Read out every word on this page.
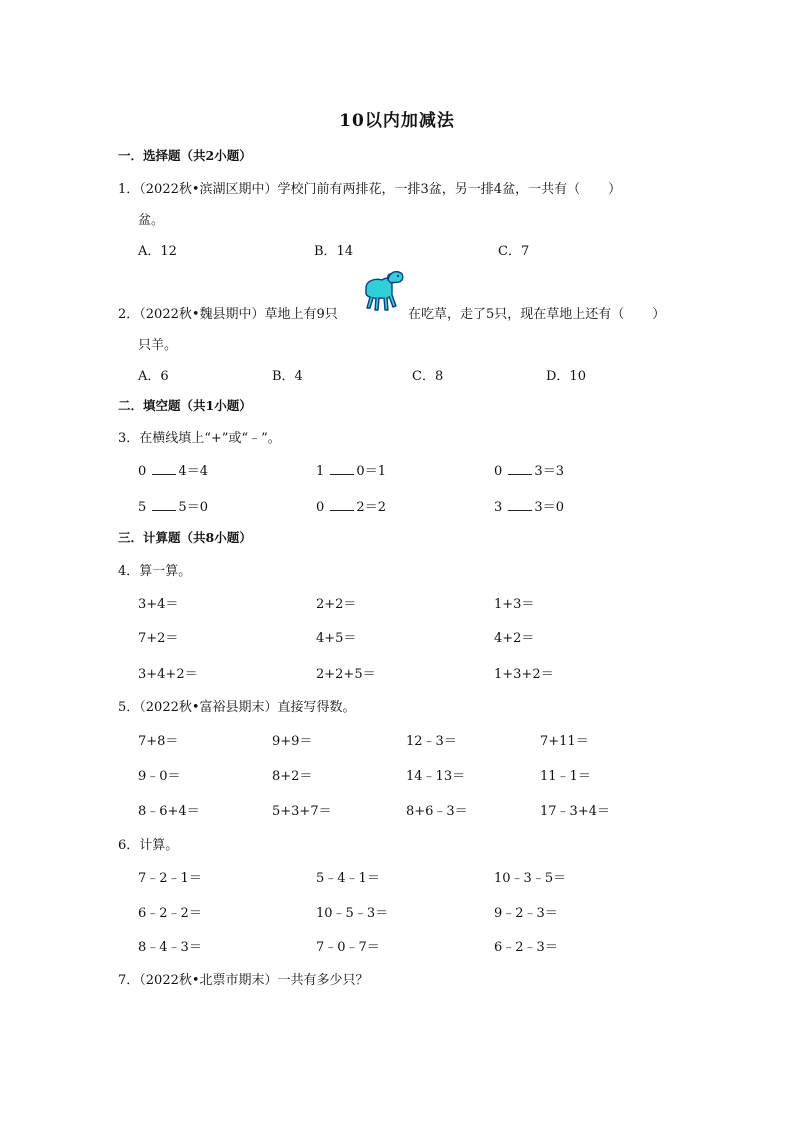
10以内加减法
一．选择题（共2小题）
1．（2022秋•滨湖区期中）学校门前有两排花，一排3盆，另一排4盆，一共有（ ）
盆。
A．12	B．14	C．7
2．（2022秋•魏县期中）草地上有9只	在吃草，走了5只，现在草地上还有（ ）
只羊。
A．6	B．4	C．8	D．10
二．填空题（共1小题）
3．在横线填上“+”或“﹣”。
0 4＝4	1 0＝1	0 3＝3
5 5＝0	0 2＝2	3 3＝0
三．计算题（共8小题）
4．算一算。
3+4＝	2+2＝	1+3＝
7+2＝	4+5＝	4+2＝
3+4+2＝	2+2+5＝	1+3+2＝
5．（2022秋•富裕县期末）直接写得数。
7+8＝	9+9＝	12﹣3＝	7+11＝
9﹣0＝	8+2＝	14﹣13＝	11﹣1＝
8﹣6+4＝	5+3+7＝	8+6﹣3＝	17﹣3+4＝
6．计算。
7﹣2﹣1＝	5﹣4﹣1＝	10﹣3﹣5＝
6﹣2﹣2＝	10﹣5﹣3＝	9﹣2﹣3＝
8﹣4﹣3＝	7﹣0﹣7＝	6﹣2﹣3＝
7．（2022秋•北票市期末）一共有多少只？
